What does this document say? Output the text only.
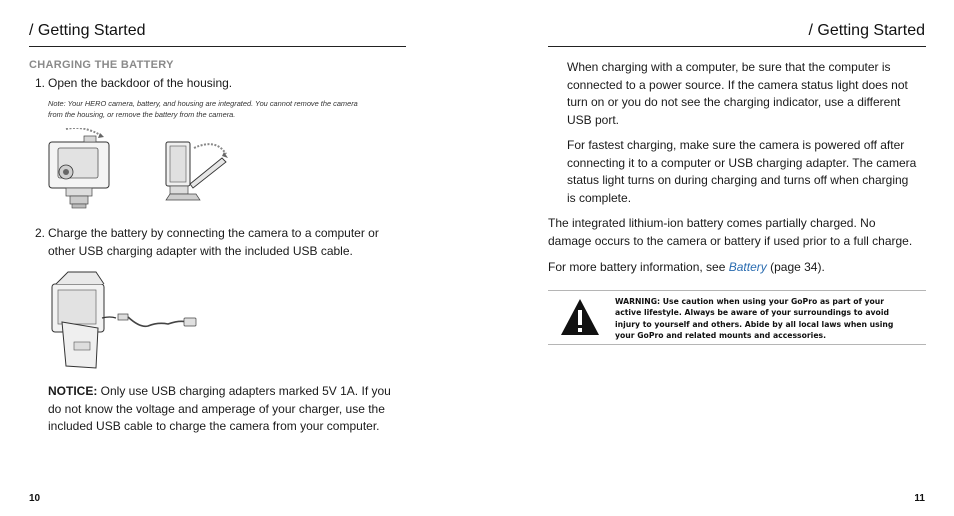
/ Getting Started
CHARGING THE BATTERY
1. Open the backdoor of the housing.
Note: Your HERO camera, battery, and housing are integrated. You cannot remove the camera
from the housing, or remove the battery from the camera.
2. Charge the battery by connecting the camera to a computer or
other USB charging adapter with the included USB cable.
NOTICE: Only use USB charging adapters marked 5V 1A. If you
do not know the voltage and amperage of your charger, use the
included USB cable to charge the camera from your computer.
10
/ Getting Started
When charging with a computer, be sure that the computer is
connected to a power source. If the camera status light does not
turn on or you do not see the charging indicator, use a different
USB port.
For fastest charging, make sure the camera is powered off after
connecting it to a computer or USB charging adapter. The camera
status light turns on during charging and turns off when charging
is complete.
The integrated lithium-ion battery comes partially charged. No
damage occurs to the camera or battery if used prior to a full charge.
For more battery information, see Battery (page 34).
WARNING: Use caution when using your GoPro as part of your
active lifestyle. Always be aware of your surroundings to avoid
injury to yourself and others. Abide by all local laws when using
your GoPro and related mounts and accessories.
11
